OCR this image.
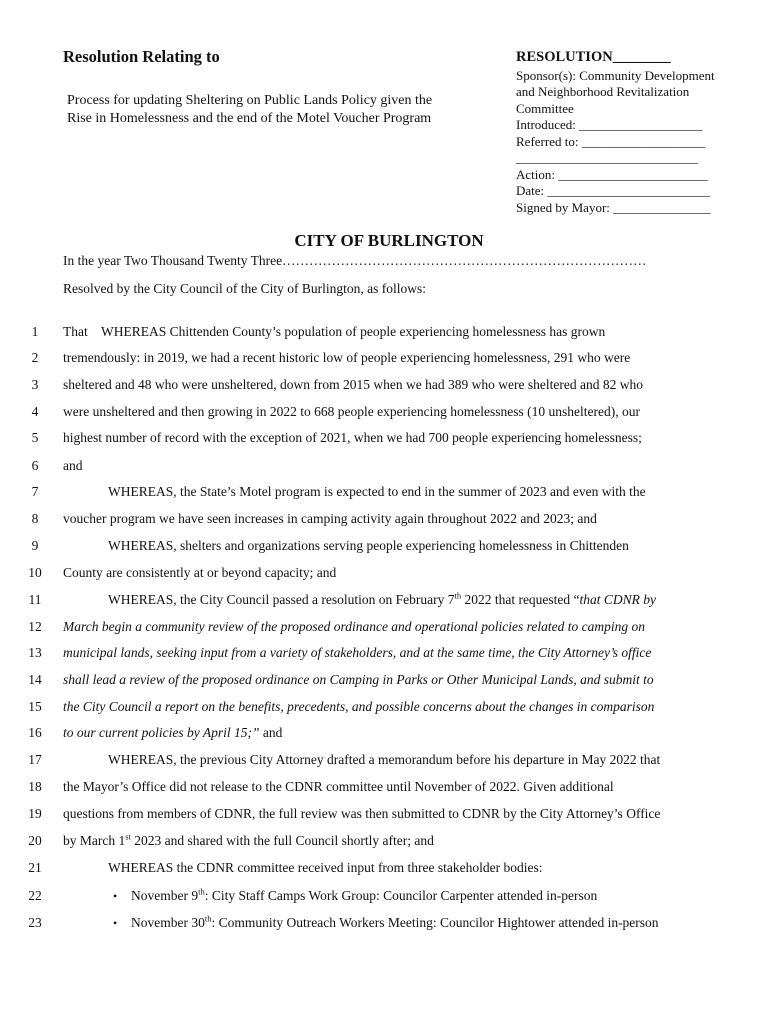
Resolution Relating to
Process for updating Sheltering on Public Lands Policy given the Rise in Homelessness and the end of the Motel Voucher Program
RESOLUTION________
Sponsor(s): Community Development
and Neighborhood Revitalization
Committee
Introduced: ___________________
Referred to: ___________________
____________________________
Action: _______________________
Date: _________________________
Signed by Mayor: _______________
CITY OF BURLINGTON
In the year Two Thousand Twenty Three………………………………………………………………………
Resolved by the City Council of the City of Burlington, as follows:
1	That    WHEREAS Chittenden County’s population of people experiencing homelessness has grown
2	tremendously: in 2019, we had a recent historic low of people experiencing homelessness, 291 who were
3	sheltered and 48 who were unsheltered, down from 2015 when we had 389 who were sheltered and 82 who
4	were unsheltered and then growing in 2022 to 668 people experiencing homelessness (10 unsheltered), our
5	highest number of record with the exception of 2021, when we had 700 people experiencing homelessness;
6	and
7	WHEREAS, the State’s Motel program is expected to end in the summer of 2023 and even with the
8	voucher program we have seen increases in camping activity again throughout 2022 and 2023; and
9	WHEREAS, shelters and organizations serving people experiencing homelessness in Chittenden
10	County are consistently at or beyond capacity; and
11	WHEREAS, the City Council passed a resolution on February 7th 2022 that requested “that CDNR by
12	March begin a community review of the proposed ordinance and operational policies related to camping on
13	municipal lands, seeking input from a variety of stakeholders, and at the same time, the City Attorney’s office
14	shall lead a review of the proposed ordinance on Camping in Parks or Other Municipal Lands, and submit to
15	the City Council a report on the benefits, precedents, and possible concerns about the changes in comparison
16	to our current policies by April 15;” and
17	WHEREAS, the previous City Attorney drafted a memorandum before his departure in May 2022 that
18	the Mayor’s Office did not release to the CDNR committee until November of 2022. Given additional
19	questions from members of CDNR, the full review was then submitted to CDNR by the City Attorney’s Office
20	by March 1st 2023 and shared with the full Council shortly after; and
21	WHEREAS the CDNR committee received input from three stakeholder bodies:
22	• November 9th: City Staff Camps Work Group: Councilor Carpenter attended in-person
23	• November 30th: Community Outreach Workers Meeting: Councilor Hightower attended in-person
